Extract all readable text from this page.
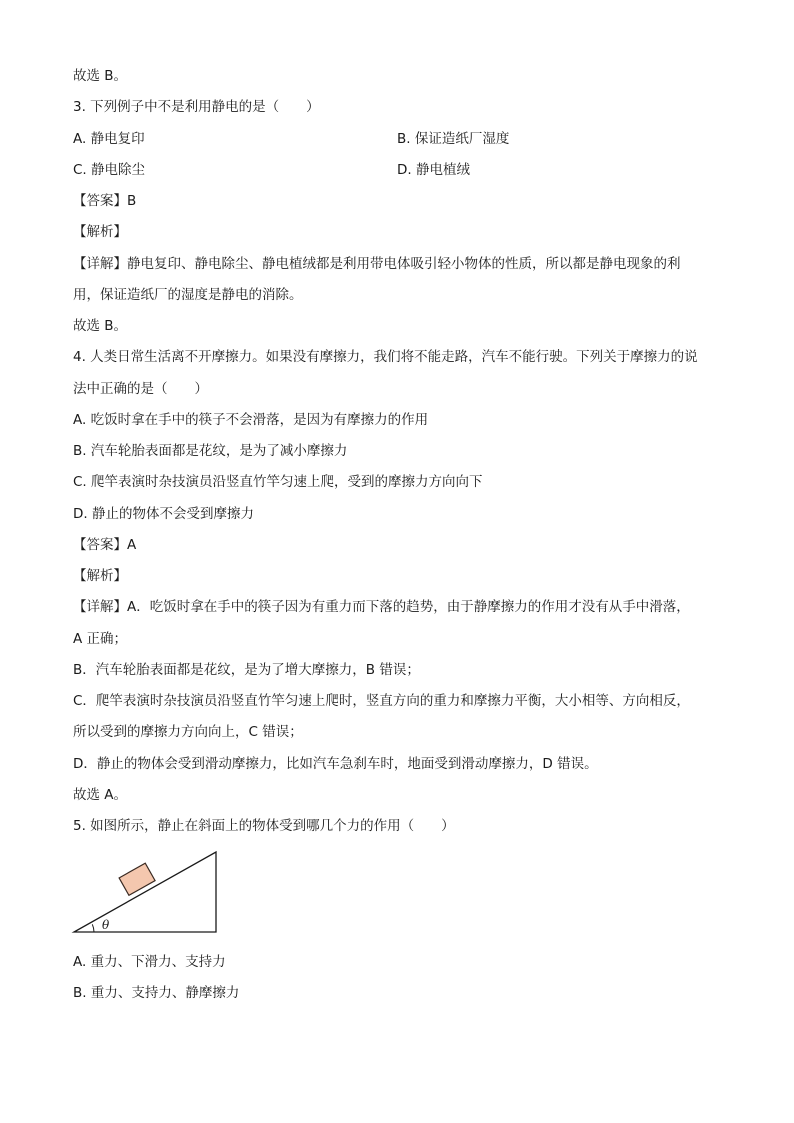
故选 B。
3. 下列例子中不是利用静电的是（　　）
A. 静电复印	B. 保证造纸厂湿度
C. 静电除尘	D. 静电植绒
【答案】B
【解析】
【详解】静电复印、静电除尘、静电植绒都是利用带电体吸引轻小物体的性质，所以都是静电现象的利
用，保证造纸厂的湿度是静电的消除。
故选 B。
4. 人类日常生活离不开摩擦力。如果没有摩擦力，我们将不能走路，汽车不能行驶。下列关于摩擦力的说
法中正确的是（　　）
A. 吃饭时拿在手中的筷子不会滑落，是因为有摩擦力的作用
B. 汽车轮胎表面都是花纹，是为了减小摩擦力
C. 爬竿表演时杂技演员沿竖直竹竿匀速上爬，受到的摩擦力方向向下
D. 静止的物体不会受到摩擦力
【答案】A
【解析】
【详解】A．吃饭时拿在手中的筷子因为有重力而下落的趋势，由于静摩擦力的作用才没有从手中滑落，
A 正确；
B．汽车轮胎表面都是花纹，是为了增大摩擦力，B 错误；
C．爬竿表演时杂技演员沿竖直竹竿匀速上爬时，竖直方向的重力和摩擦力平衡，大小相等、方向相反，
所以受到的摩擦力方向向上，C 错误；
D．静止的物体会受到滑动摩擦力，比如汽车急刹车时，地面受到滑动摩擦力，D 错误。
故选 A。
5. 如图所示，静止在斜面上的物体受到哪几个力的作用（　　）
θ
A. 重力、下滑力、支持力
B. 重力、支持力、静摩擦力
